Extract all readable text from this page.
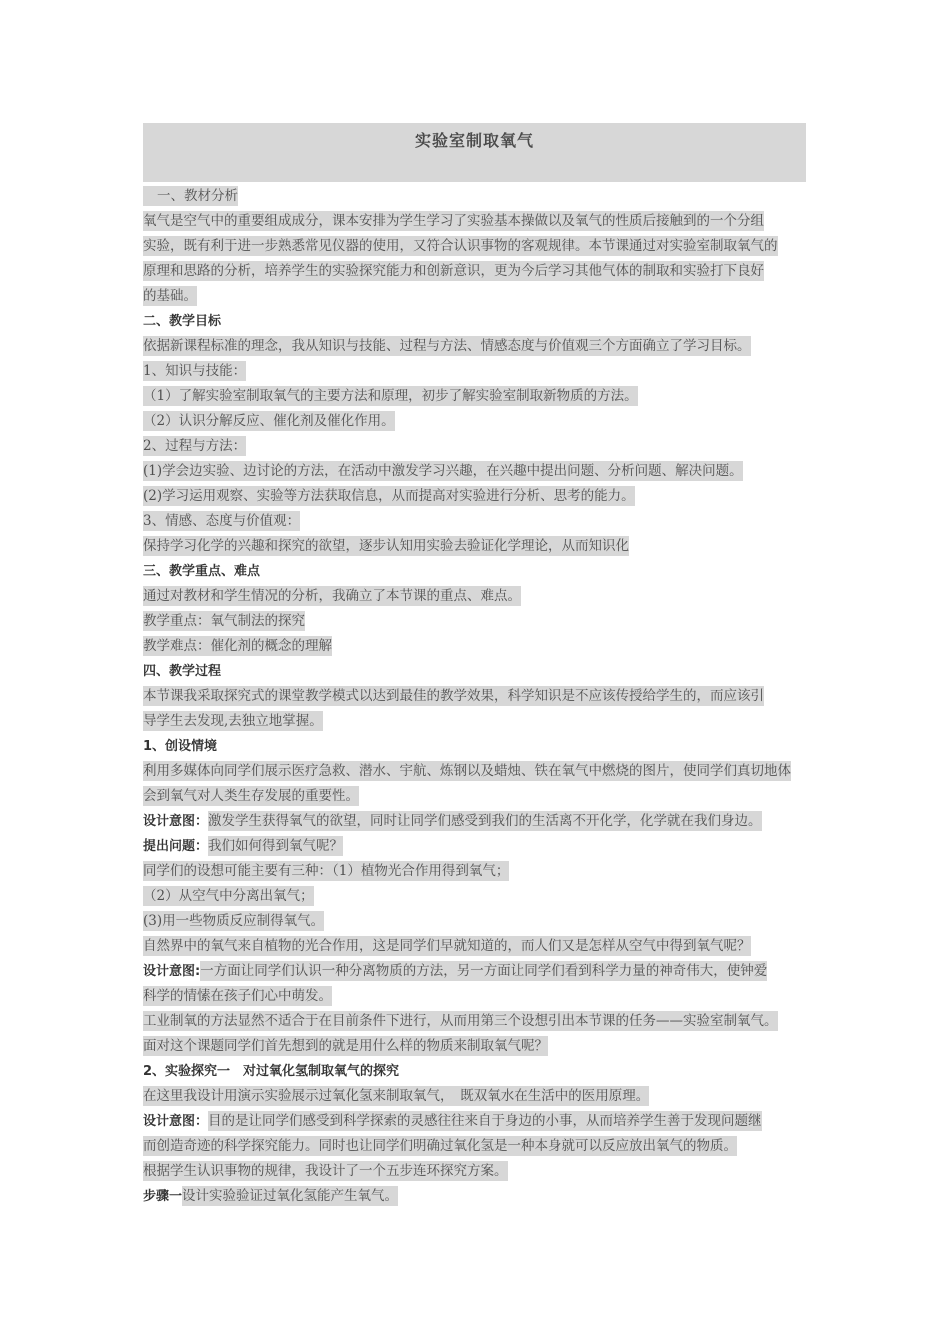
实验室制取氧气
一、教材分析
氧气是空气中的重要组成成分，课本安排为学生学习了实验基本操做以及氧气的性质后接触到的一个分组
实验，既有利于进一步熟悉常见仪器的使用，又符合认识事物的客观规律。本节课通过对实验室制取氧气的
原理和思路的分析，培养学生的实验探究能力和创新意识，更为今后学习其他气体的制取和实验打下良好
的基础。
二、教学目标
依据新课程标准的理念，我从知识与技能、过程与方法、情感态度与价值观三个方面确立了学习目标。
1、知识与技能：
（1）了解实验室制取氧气的主要方法和原理，初步了解实验室制取新物质的方法。
（2）认识分解反应、催化剂及催化作用。
2、过程与方法：
(1)学会边实验、边讨论的方法，在活动中激发学习兴趣，在兴趣中提出问题、分析问题、解决问题。
(2)学习运用观察、实验等方法获取信息，从而提高对实验进行分析、思考的能力。
3、情感、态度与价值观：
保持学习化学的兴趣和探究的欲望，逐步认知用实验去验证化学理论，从而知识化
三、教学重点、难点
通过对教材和学生情况的分析，我确立了本节课的重点、难点。
教学重点：氧气制法的探究
教学难点：催化剂的概念的理解
四、教学过程
本节课我采取探究式的课堂教学模式以达到最佳的教学效果，科学知识是不应该传授给学生的，而应该引
导学生去发现,去独立地掌握。
1、创设情境
利用多媒体向同学们展示医疗急救、潜水、宇航、炼钢以及蜡烛、铁在氧气中燃烧的图片，使同学们真切地体
会到氧气对人类生存发展的重要性。
设计意图：激发学生获得氧气的欲望，同时让同学们感受到我们的生活离不开化学，化学就在我们身边。
提出问题：我们如何得到氧气呢？
同学们的设想可能主要有三种：（1）植物光合作用得到氧气；
（2）从空气中分离出氧气；
(3)用一些物质反应制得氧气。
自然界中的氧气来自植物的光合作用，这是同学们早就知道的，而人们又是怎样从空气中得到氧气呢？
设计意图:一方面让同学们认识一种分离物质的方法，另一方面让同学们看到科学力量的神奇伟大，使钟爱
科学的情愫在孩子们心中萌发。
工业制氧的方法显然不适合于在目前条件下进行，从而用第三个设想引出本节课的任务——实验室制氧气。
面对这个课题同学们首先想到的就是用什么样的物质来制取氧气呢？
2、实验探究一　对过氧化氢制取氧气的探究
在这里我设计用演示实验展示过氧化氢来制取氧气，　既双氧水在生活中的医用原理。
设计意图：目的是让同学们感受到科学探索的灵感往往来自于身边的小事，从而培养学生善于发现问题继
而创造奇迹的科学探究能力。同时也让同学们明确过氧化氢是一种本身就可以反应放出氧气的物质。
根据学生认识事物的规律，我设计了一个五步连环探究方案。
步骤一设计实验验证过氧化氢能产生氧气。
